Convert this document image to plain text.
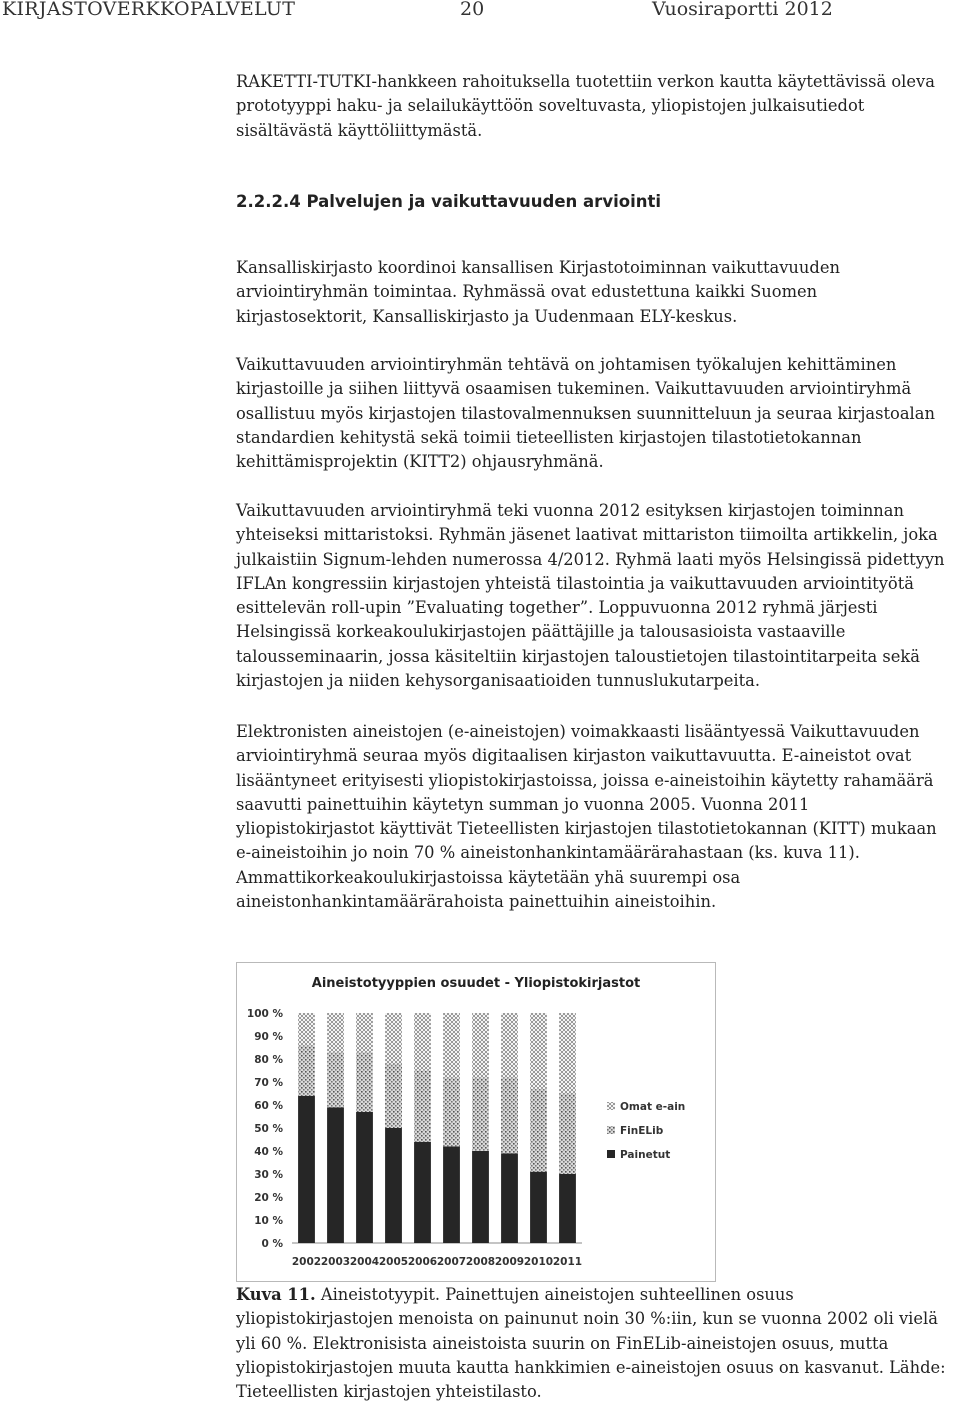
KIRJASTOVERKKOPALVELUT	20	Vuosiraportti 2012

RAKETTI-TUTKI-hankkeen rahoituksella tuotettiin verkon kautta käytettävissä oleva prototyyppi haku- ja selailukäyttöön soveltuvasta, yliopistojen julkaisutiedot sisältävästä käyttöliittymästä.

2.2.2.4 Palvelujen ja vaikuttavuuden arviointi

Kansalliskirjasto koordinoi kansallisen Kirjastotoiminnan vaikuttavuuden arviointiryhmän toimintaa. Ryhmässä ovat edustettuna kaikki Suomen kirjastosektorit, Kansalliskirjasto ja Uudenmaan ELY-keskus.

Vaikuttavuuden arviointiryhmän tehtävä on johtamisen työkalujen kehittäminen kirjastoille ja siihen liittyvä osaamisen tukeminen. Vaikuttavuuden arviointiryhmä osallistuu myös kirjastojen tilastovalmennuksen suunnitteluun ja seuraa kirjastoalan standardien kehitystä sekä toimii tieteellisten kirjastojen tilastotietokannan kehittämisprojektin (KITT2) ohjausryhmänä.

Vaikuttavuuden arviointiryhmä teki vuonna 2012 esityksen kirjastojen toiminnan yhteiseksi mittaristoksi. Ryhmän jäsenet laativat mittariston tiimoilta artikkelin, joka julkaistiin Signum-lehden numerossa 4/2012. Ryhmä laati myös Helsingissä pidettyyn IFLAn kongressiin kirjastojen yhteistä tilastointia ja vaikuttavuuden arviointityötä esittelevän roll-upin ”Evaluating together”. Loppuvuonna 2012 ryhmä järjesti Helsingissä korkeakoulukirjastojen päättäjille ja talousasioista vastaaville talousseminaarin, jossa käsiteltiin kirjastojen taloustietojen tilastointitarpeita sekä kirjastojen ja niiden kehysorganisaatioiden tunnuslukutarpeita.

Elektronisten aineistojen (e-aineistojen) voimakkaasti lisääntyessä Vaikuttavuuden arviointiryhmä seuraa myös digitaalisen kirjaston vaikuttavuutta. E-aineistot ovat lisääntyneet erityisesti yliopistokirjastoissa, joissa e-aineistoihin käytetty rahamäärä saavutti painettuihin käytetyn summan jo vuonna 2005. Vuonna 2011 yliopistokirjastot käyttivät Tieteellisten kirjastojen tilastotietokannan (KITT) mukaan e-aineistoihin jo noin 70 % aineistonhankintamäärärahastaan (ks. kuva 11). Ammattikorkeakoulukirjastoissa käytetään yhä suurempi osa aineistonhankintamäärärahoista painettuihin aineistoihin.

Aineistotyyppien osuudet - Yliopistokirjastot
0 %
10 %
20 %
30 %
40 %
50 %
60 %
70 %
80 %
90 %
100 %
2002 2003 2004 2005 2006 2007 2008 2009 2010 2011
Omat e-ain
FinELib
Painetut

Kuva 11. Aineistotyypit. Painettujen aineistojen suhteellinen osuus yliopistokirjastojen menoista on painunut noin 30 %:iin, kun se vuonna 2002 oli vielä yli 60 %. Elektronisista aineistoista suurin on FinELib-aineistojen osuus, mutta yliopistokirjastojen muuta kautta hankkimien e-aineistojen osuus on kasvanut. Lähde: Tieteellisten kirjastojen yhteistilasto.
